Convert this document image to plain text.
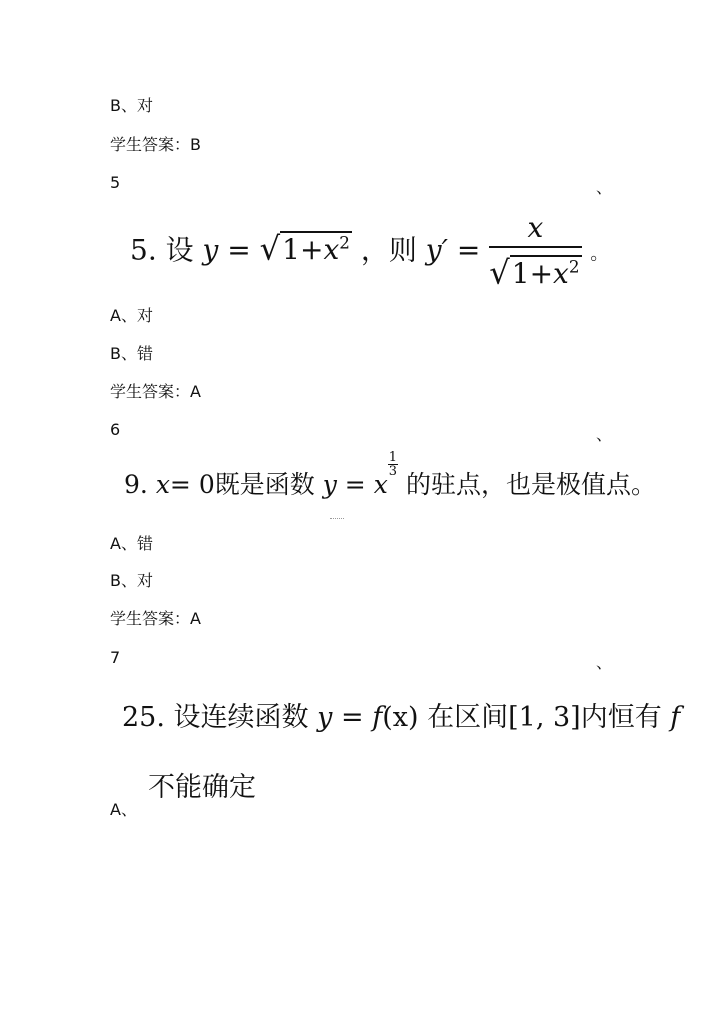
B、对
学生答案：B
5	、
5. 设 $y = √1+x^2$ ，则 $y' = \frac{x}{√1+x^2}$ 。
A、对
B、错
学生答案：A
6	、
9. x= 0既是函数 y = x
$\frac{1}{3}$
的驻点，也是极值点。
A、错
B、对
学生答案：A
7	、
25. 设连续函数 y = f(x) 在区间[1, 3]内恒有 f
A、
不能确定
